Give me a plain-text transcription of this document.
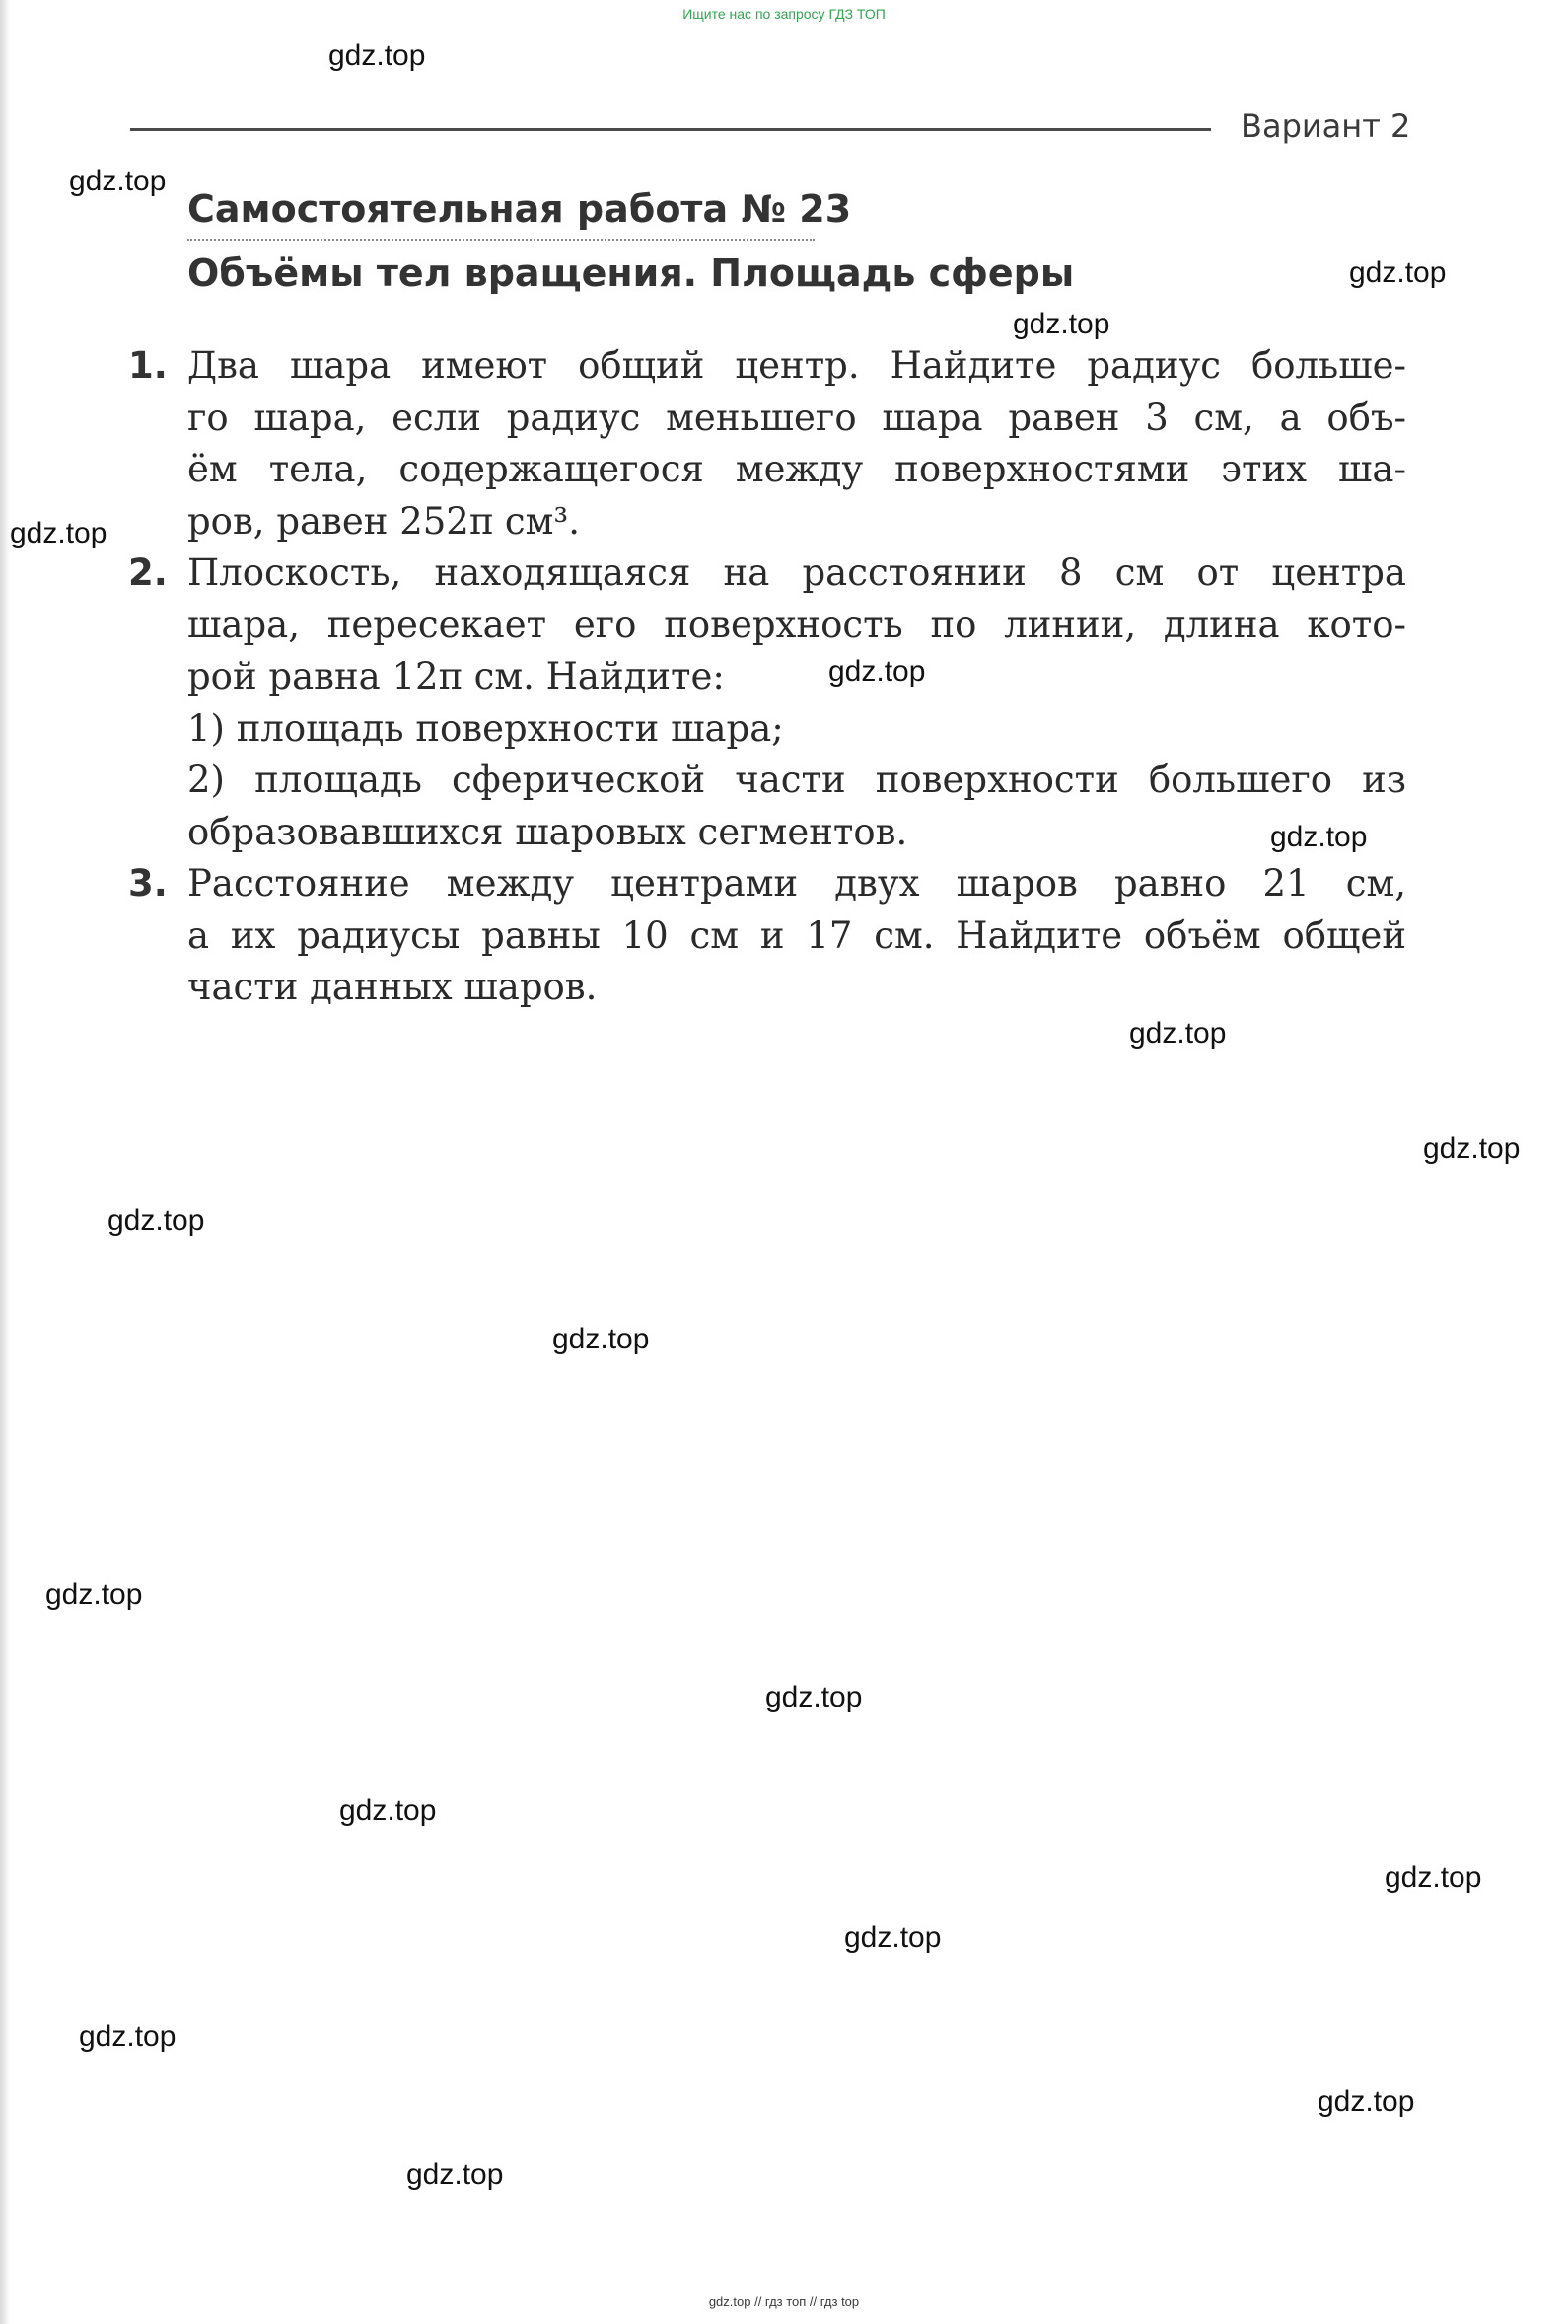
Ищите нас по запросу ГДЗ ТОП
Вариант 2
Самостоятельная работа № 23
Объёмы тел вращения. Площадь сферы
1. Два шара имеют общий центр. Найдите радиус больше-
го шара, если радиус меньшего шара равен 3 см, а объ-
ём тела, содержащегося между поверхностями этих ша-
ров, равен 252π см³.
2. Плоскость, находящаяся на расстоянии 8 см от центра
шара, пересекает его поверхность по линии, длина кото-
рой равна 12π см. Найдите:
1) площадь поверхности шара;
2) площадь сферической части поверхности большего из
образовавшихся шаровых сегментов.
3. Расстояние между центрами двух шаров равно 21 см,
а их радиусы равны 10 см и 17 см. Найдите объём общей
части данных шаров.
gdz.top
gdz.top
gdz.top
gdz.top
gdz.top
gdz.top
gdz.top
gdz.top
gdz.top
gdz.top
gdz.top
gdz.top
gdz.top
gdz.top
gdz.top
gdz.top
gdz.top
gdz.top
gdz.top
gdz.top // гдз топ // гдз top
